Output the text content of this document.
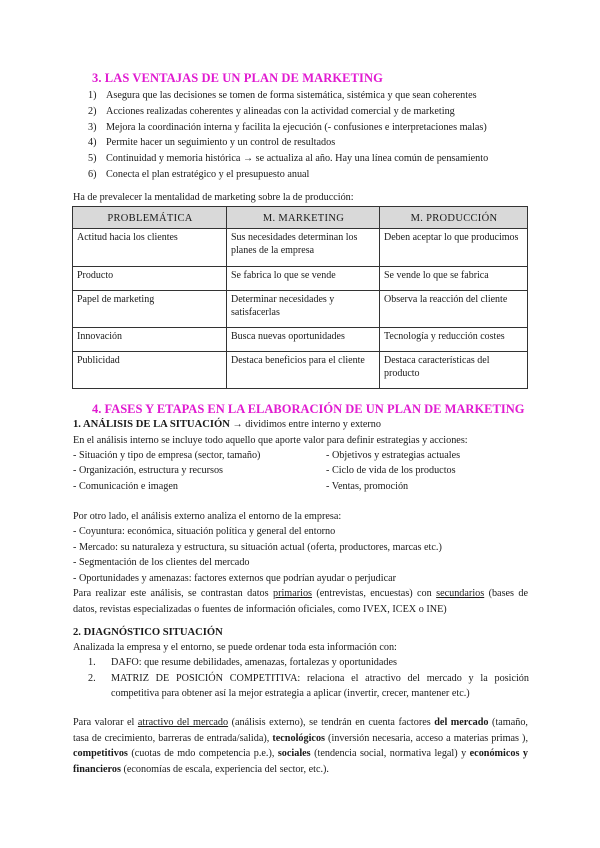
3. LAS VENTAJAS DE UN PLAN DE MARKETING
1) Asegura que las decisiones se tomen de forma sistemática, sistémica y que sean coherentes
2) Acciones realizadas coherentes y alineadas con la actividad comercial y de marketing
3) Mejora la coordinación interna y facilita la ejecución (- confusiones e interpretaciones malas)
4) Permite hacer un seguimiento y un control de resultados
5) Continuidad y memoria histórica → se actualiza al año. Hay una línea común de pensamiento
6) Conecta el plan estratégico y el presupuesto anual
Ha de prevalecer la mentalidad de marketing sobre la de producción:
PROBLEMÁTICA	M. MARKETING	M. PRODUCCIÓN
Actitud hacia los clientes	Sus necesidades determinan los planes de la empresa	Deben aceptar lo que producimos
Producto	Se fabrica lo que se vende	Se vende lo que se fabrica
Papel de marketing	Determinar necesidades y satisfacerlas	Observa la reacción del cliente
Innovación	Busca nuevas oportunidades	Tecnología y reducción costes
Publicidad	Destaca beneficios para el cliente	Destaca características del producto
4. FASES Y ETAPAS EN LA ELABORACIÓN DE UN PLAN DE MARKETING
1. ANÁLISIS DE LA SITUACIÓN → dividimos entre interno y externo
En el análisis interno se incluye todo aquello que aporte valor para definir estrategias y acciones:
- Situación y tipo de empresa (sector, tamaño)	- Objetivos y estrategias actuales
- Organización, estructura y recursos	- Ciclo de vida de los productos
- Comunicación e imagen	- Ventas, promoción
Por otro lado, el análisis externo analiza el entorno de la empresa:
- Coyuntura: económica, situación política y general del entorno
- Mercado: su naturaleza y estructura, su situación actual (oferta, productores, marcas etc.)
- Segmentación de los clientes del mercado
- Oportunidades y amenazas: factores externos que podrían ayudar o perjudicar
Para realizar este análisis, se contrastan datos primarios (entrevistas, encuestas) con secundarios (bases de datos, revistas especializadas o fuentes de información oficiales, como IVEX, ICEX o INE)
2. DIAGNÓSTICO SITUACIÓN
Analizada la empresa y el entorno, se puede ordenar toda esta información con:
1. DAFO: que resume debilidades, amenazas, fortalezas y oportunidades
2. MATRIZ DE POSICIÓN COMPETITIVA: relaciona el atractivo del mercado y la posición competitiva para obtener así la mejor estrategia a aplicar (invertir, crecer, mantener etc.)
Para valorar el atractivo del mercado (análisis externo), se tendrán en cuenta factores del mercado (tamaño, tasa de crecimiento, barreras de entrada/salida), tecnológicos (inversión necesaria, acceso a materias primas ), competitivos (cuotas de mdo competencia p.e.), sociales (tendencia social, normativa legal) y económicos y financieros (economías de escala, experiencia del sector, etc.).
